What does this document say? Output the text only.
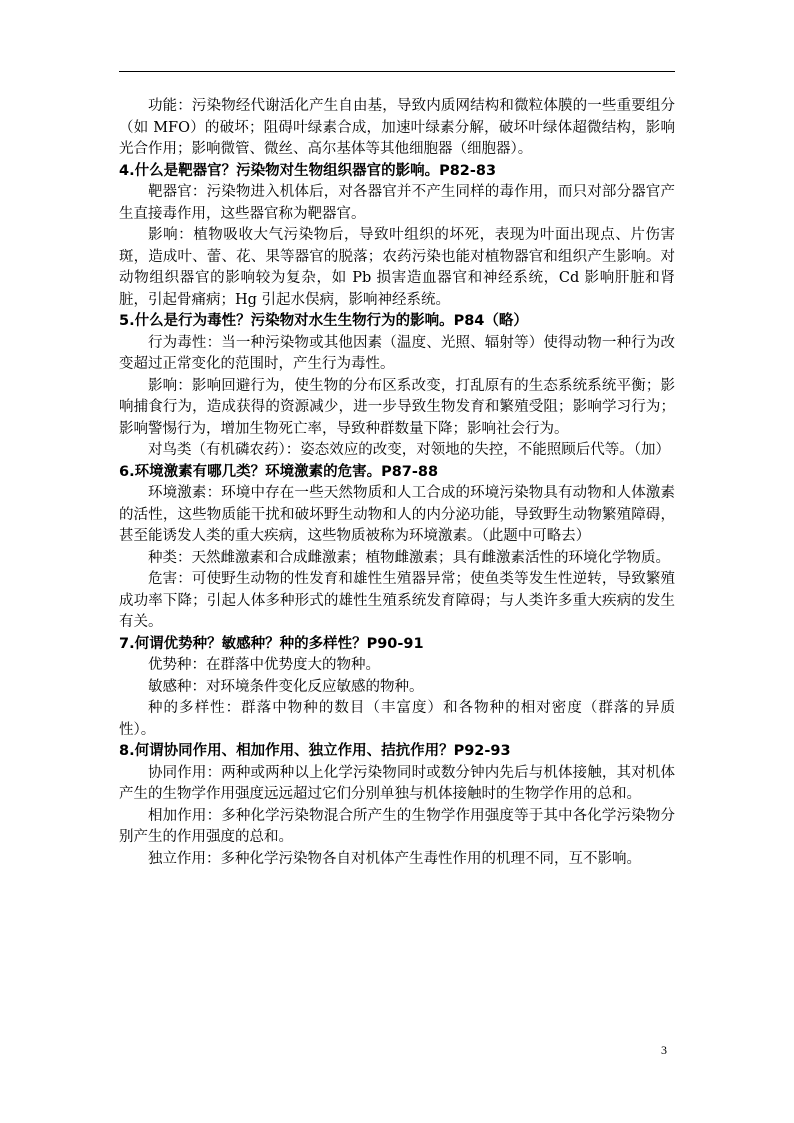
功能：污染物经代谢活化产生自由基，导致内质网结构和微粒体膜的一些重要组分（如 MFO）的破坏；阻碍叶绿素合成，加速叶绿素分解，破坏叶绿体超微结构，影响光合作用；影响微管、微丝、高尔基体等其他细胞器（细胞器）。

4.什么是靶器官？污染物对生物组织器官的影响。P82-83

靶器官：污染物进入机体后，对各器官并不产生同样的毒作用，而只对部分器官产生直接毒作用，这些器官称为靶器官。

影响：植物吸收大气污染物后，导致叶组织的坏死，表现为叶面出现点、片伤害斑，造成叶、蕾、花、果等器官的脱落；农药污染也能对植物器官和组织产生影响。对动物组织器官的影响较为复杂，如 Pb 损害造血器官和神经系统，Cd 影响肝脏和肾脏，引起骨痛病；Hg 引起水俣病，影响神经系统。

5.什么是行为毒性？污染物对水生生物行为的影响。P84（略）

行为毒性：当一种污染物或其他因素（温度、光照、辐射等）使得动物一种行为改变超过正常变化的范围时，产生行为毒性。

影响：影响回避行为，使生物的分布区系改变，打乱原有的生态系统系统平衡；影响捕食行为，造成获得的资源减少，进一步导致生物发育和繁殖受阻；影响学习行为；影响警惕行为，增加生物死亡率，导致种群数量下降；影响社会行为。

对鸟类（有机磷农药）：姿态效应的改变，对领地的失控，不能照顾后代等。（加）

6.环境激素有哪几类？环境激素的危害。P87-88

环境激素：环境中存在一些天然物质和人工合成的环境污染物具有动物和人体激素的活性，这些物质能干扰和破坏野生动物和人的内分泌功能，导致野生动物繁殖障碍，甚至能诱发人类的重大疾病，这些物质被称为环境激素。（此题中可略去）

种类：天然雌激素和合成雌激素；植物雌激素；具有雌激素活性的环境化学物质。

危害：可使野生动物的性发育和雄性生殖器异常；使鱼类等发生性逆转，导致繁殖成功率下降；引起人体多种形式的雄性生殖系统发育障碍；与人类许多重大疾病的发生有关。

7.何谓优势种？敏感种？种的多样性？P90-91

优势种：在群落中优势度大的物种。

敏感种：对环境条件变化反应敏感的物种。

种的多样性：群落中物种的数目（丰富度）和各物种的相对密度（群落的异质性）。

8.何谓协同作用、相加作用、独立作用、拮抗作用？P92-93

协同作用：两种或两种以上化学污染物同时或数分钟内先后与机体接触，其对机体产生的生物学作用强度远远超过它们分别单独与机体接触时的生物学作用的总和。

相加作用：多种化学污染物混合所产生的生物学作用强度等于其中各化学污染物分别产生的作用强度的总和。

独立作用：多种化学污染物各自对机体产生毒性作用的机理不同，互不影响。

3
